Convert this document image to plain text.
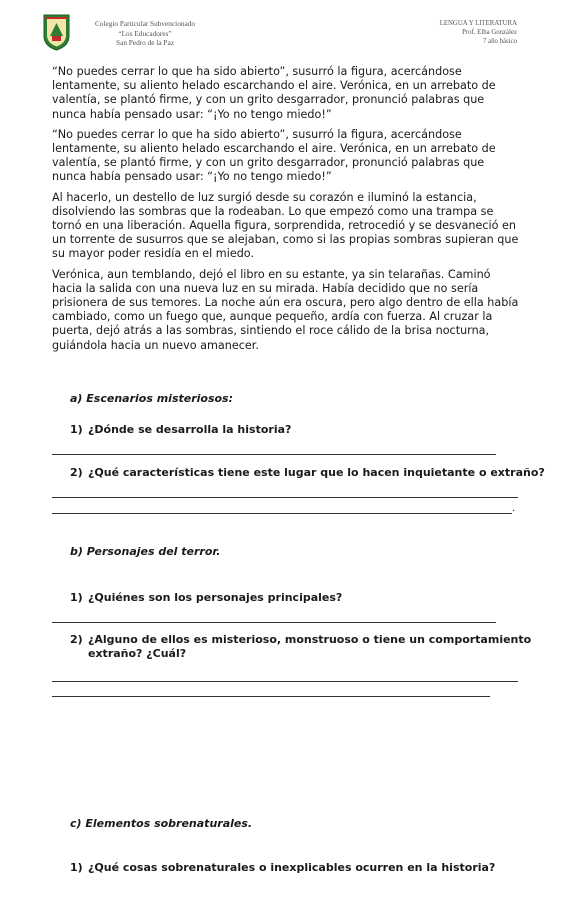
Colegio Particular Subvencionado
“Los Educadores”
San Pedro de la Paz
LENGUA Y LITERATURA
Prof. Elba González
7 año básico

“No puedes cerrar lo que ha sido abierto”, susurró la figura, acercándose lentamente, su aliento helado escarchando el aire. Verónica, en un arrebato de valentía, se plantó firme, y con un grito desgarrador, pronunció palabras que nunca había pensado usar: “¡Yo no tengo miedo!”

“No puedes cerrar lo que ha sido abierto”, susurró la figura, acercándose lentamente, su aliento helado escarchando el aire. Verónica, en un arrebato de valentía, se plantó firme, y con un grito desgarrador, pronunció palabras que nunca había pensado usar: “¡Yo no tengo miedo!”

Al hacerlo, un destello de luz surgió desde su corazón e iluminó la estancia, disolviendo las sombras que la rodeaban. Lo que empezó como una trampa se tornó en una liberación. Aquella figura, sorprendida, retrocedió y se desvaneció en un torrente de susurros que se alejaban, como si las propias sombras supieran que su mayor poder residía en el miedo.

Verónica, aun temblando, dejó el libro en su estante, ya sin telarañas. Caminó hacia la salida con una nueva luz en su mirada. Había decidido que no sería prisionera de sus temores. La noche aún era oscura, pero algo dentro de ella había cambiado, como un fuego que, aunque pequeño, ardía con fuerza. Al cruzar la puerta, dejó atrás a las sombras, sintiendo el roce cálido de la brisa nocturna, guiándola hacia un nuevo amanecer.

a) Escenarios misteriosos:
1) ¿Dónde se desarrolla la historia?
2) ¿Qué características tiene este lugar que lo hacen inquietante o extraño?
.
b) Personajes del terror.
1) ¿Quiénes son los personajes principales?
2) ¿Alguno de ellos es misterioso, monstruoso o tiene un comportamiento
extraño? ¿Cuál?
c) Elementos sobrenaturales.
1) ¿Qué cosas sobrenaturales o inexplicables ocurren en la historia?
